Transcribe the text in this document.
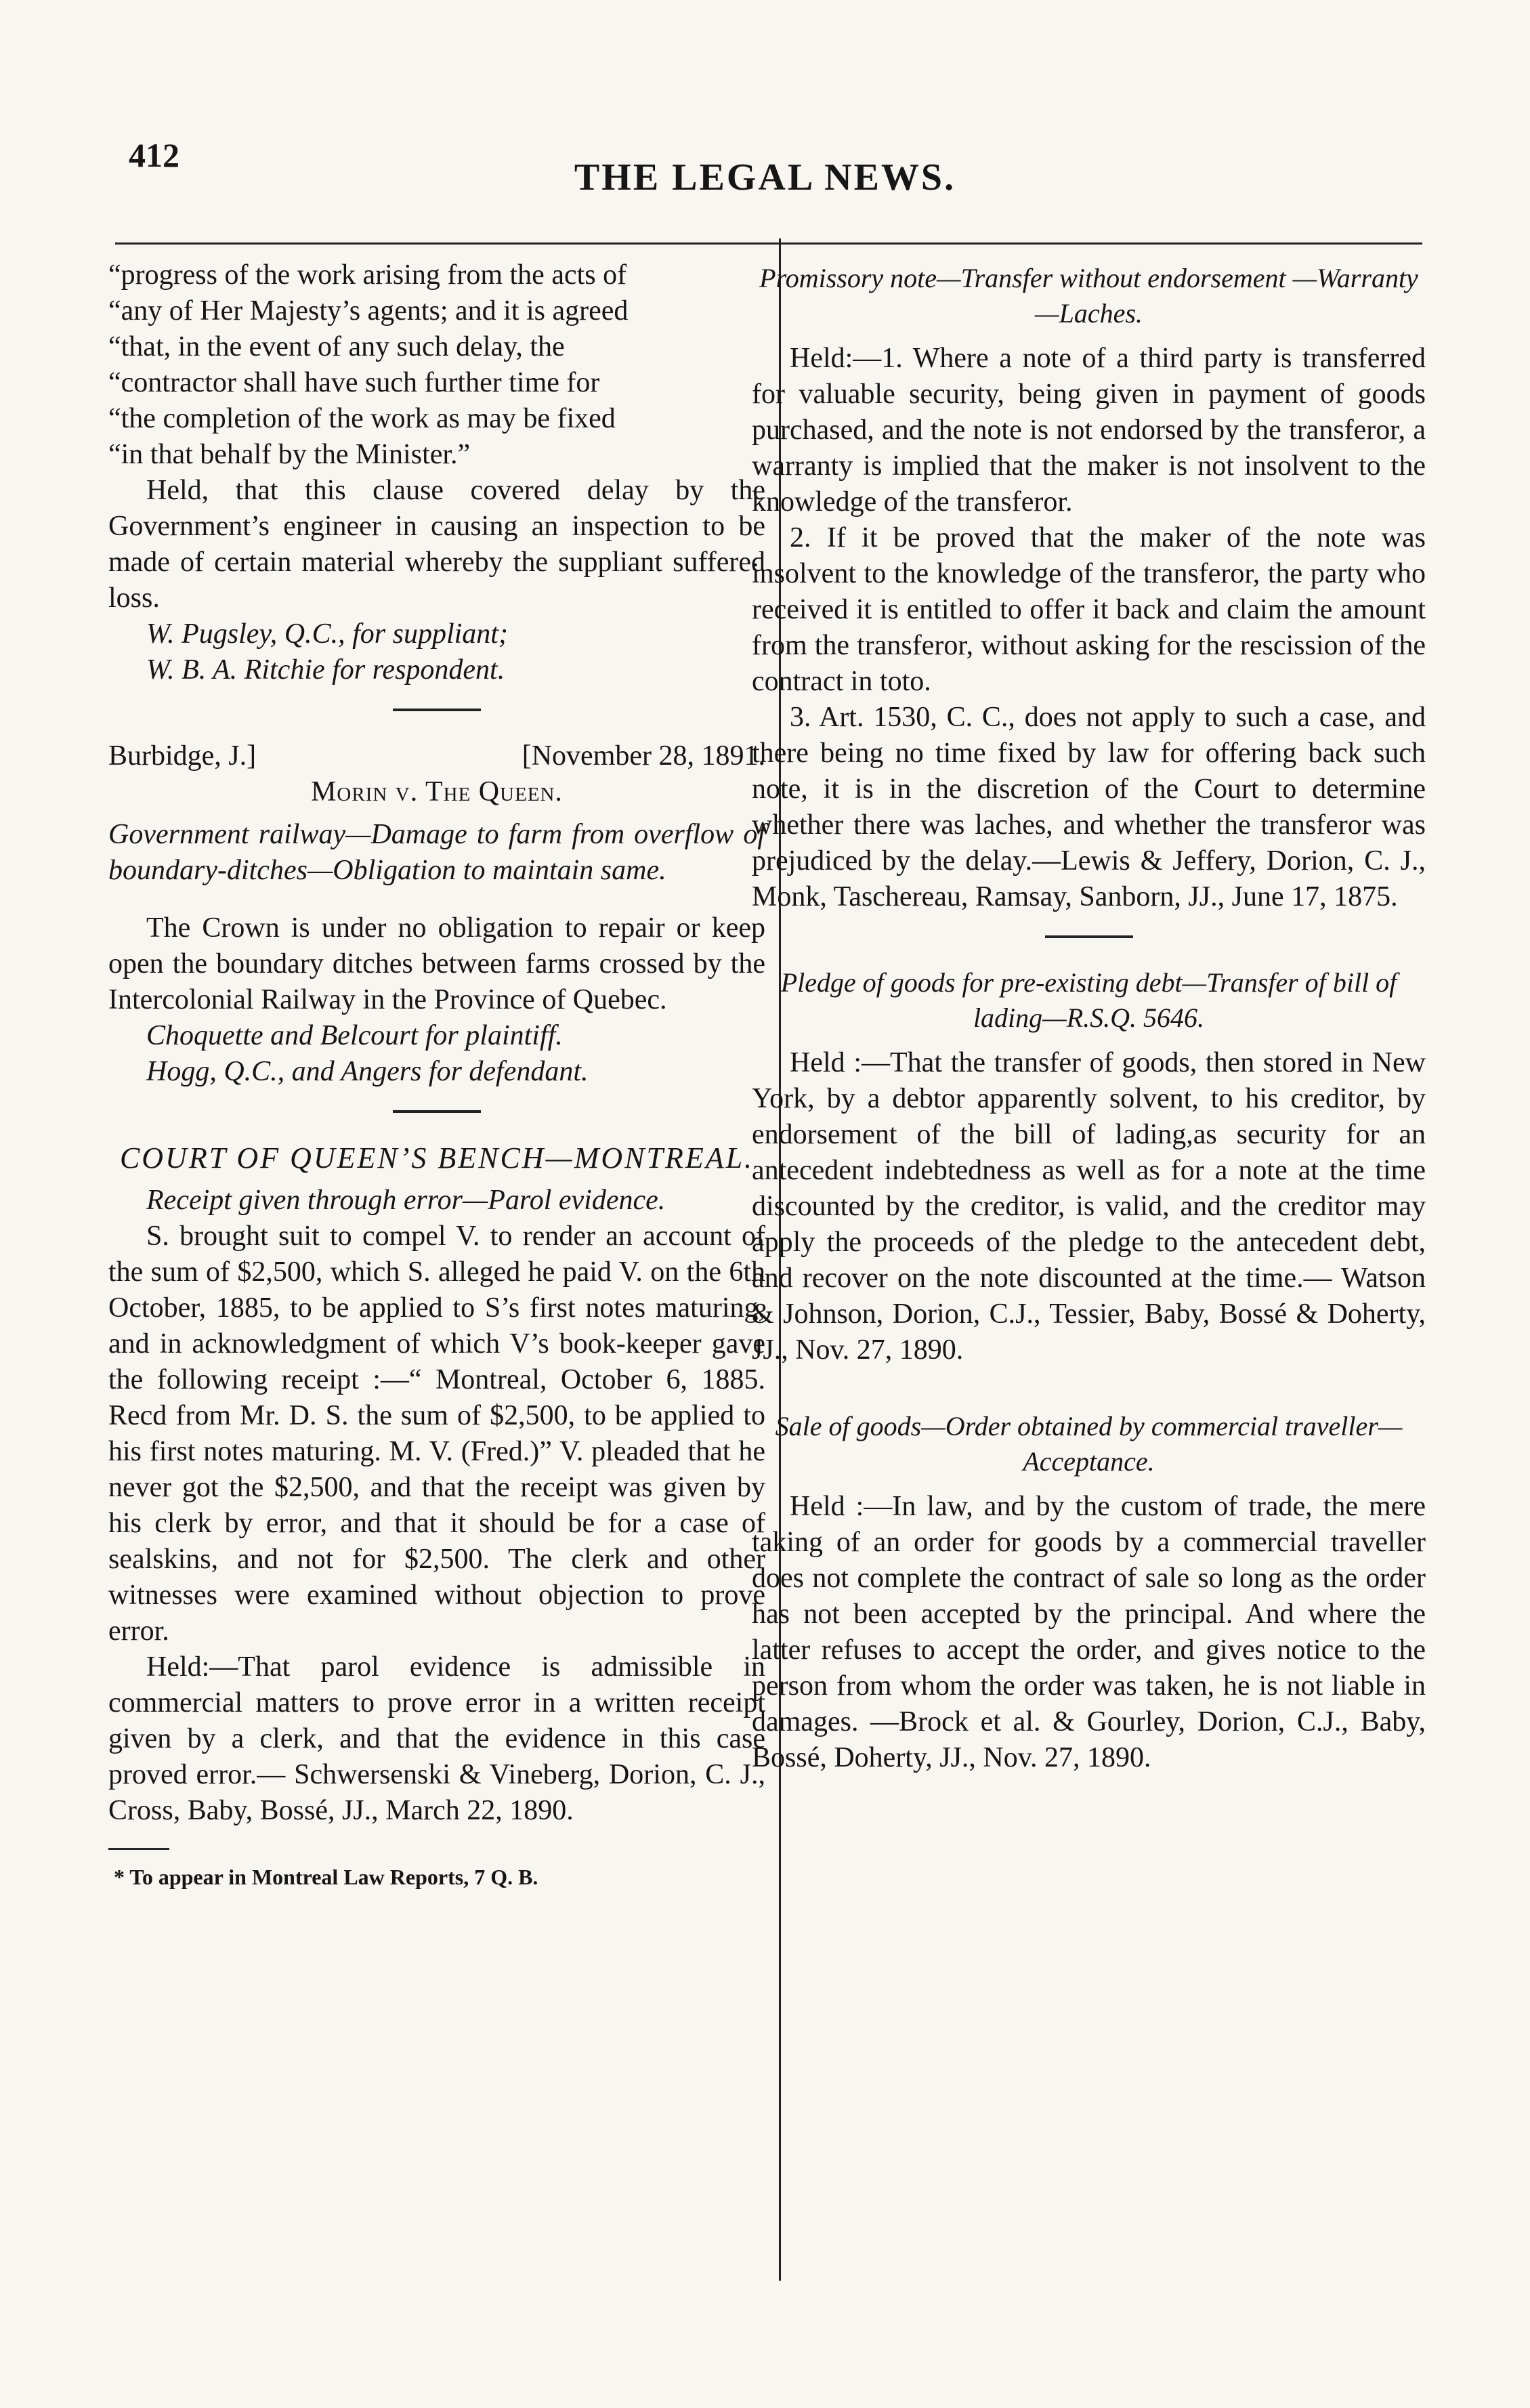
412
THE LEGAL NEWS.

“progress of the work arising from the acts of

“any of Her Majesty’s agents; and it is agreed

“that, in the event of any such delay, the

“contractor shall have such further time for

“the completion of the work as may be fixed

“in that behalf by the Minister.”

Held, that this clause covered delay by the Government’s engineer in causing an inspection to be made of certain material whereby the suppliant suffered loss.

W. Pugsley, Q.C., for suppliant;

W. B. A. Ritchie for respondent.

Burbidge, J.]	[November 28, 1891.

Morin v. The Queen.

Government railway—Damage to farm from overflow of boundary-ditches—Obligation to maintain same.

The Crown is under no obligation to repair or keep open the boundary ditches between farms crossed by the Intercolonial Railway in the Province of Quebec.

Choquette and Belcourt for plaintiff.

Hogg, Q.C., and Angers for defendant.

COURT OF QUEEN’S BENCH—MONTREAL.

Receipt given through error—Parol evidence.

S. brought suit to compel V. to render an account of the sum of $2,500, which S. alleged he paid V. on the 6th October, 1885, to be applied to S’s first notes maturing, and in acknowledgment of which V’s book-keeper gave the following receipt :—“ Montreal, October 6, 1885. Recd from Mr. D. S. the sum of $2,500, to be applied to his first notes maturing. M. V. (Fred.)” V. pleaded that he never got the $2,500, and that the receipt was given by his clerk by error, and that it should be for a case of sealskins, and not for $2,500. The clerk and other witnesses were examined without objection to prove error.

Held:—That parol evidence is admissible in commercial matters to prove error in a written receipt given by a clerk, and that the evidence in this case proved error.— Schwersenski & Vineberg, Dorion, C. J., Cross, Baby, Bossé, JJ., March 22, 1890.

* To appear in Montreal Law Reports, 7 Q. B.

Promissory note—Transfer without endorsement —Warranty—Laches.

Held:—1. Where a note of a third party is transferred for valuable security, being given in payment of goods purchased, and the note is not endorsed by the transferor, a warranty is implied that the maker is not insolvent to the knowledge of the transferor.

2. If it be proved that the maker of the note was insolvent to the knowledge of the transferor, the party who received it is entitled to offer it back and claim the amount from the transferor, without asking for the rescission of the contract in toto.

3. Art. 1530, C. C., does not apply to such a case, and there being no time fixed by law for offering back such note, it is in the discretion of the Court to determine whether there was laches, and whether the transferor was prejudiced by the delay.—Lewis & Jeffery, Dorion, C. J., Monk, Taschereau, Ramsay, Sanborn, JJ., June 17, 1875.

Pledge of goods for pre-existing debt—Transfer of bill of lading—R.S.Q. 5646.

Held :—That the transfer of goods, then stored in New York, by a debtor apparently solvent, to his creditor, by endorsement of the bill of lading,as security for an antecedent indebtedness as well as for a note at the time discounted by the creditor, is valid, and the creditor may apply the proceeds of the pledge to the antecedent debt, and recover on the note discounted at the time.— Watson & Johnson, Dorion, C.J., Tessier, Baby, Bossé & Doherty, JJ., Nov. 27, 1890.

Sale of goods—Order obtained by commercial traveller—Acceptance.

Held :—In law, and by the custom of trade, the mere taking of an order for goods by a commercial traveller does not complete the contract of sale so long as the order has not been accepted by the principal. And where the latter refuses to accept the order, and gives notice to the person from whom the order was taken, he is not liable in damages. —Brock et al. & Gourley, Dorion, C.J., Baby, Bossé, Doherty, JJ., Nov. 27, 1890.
